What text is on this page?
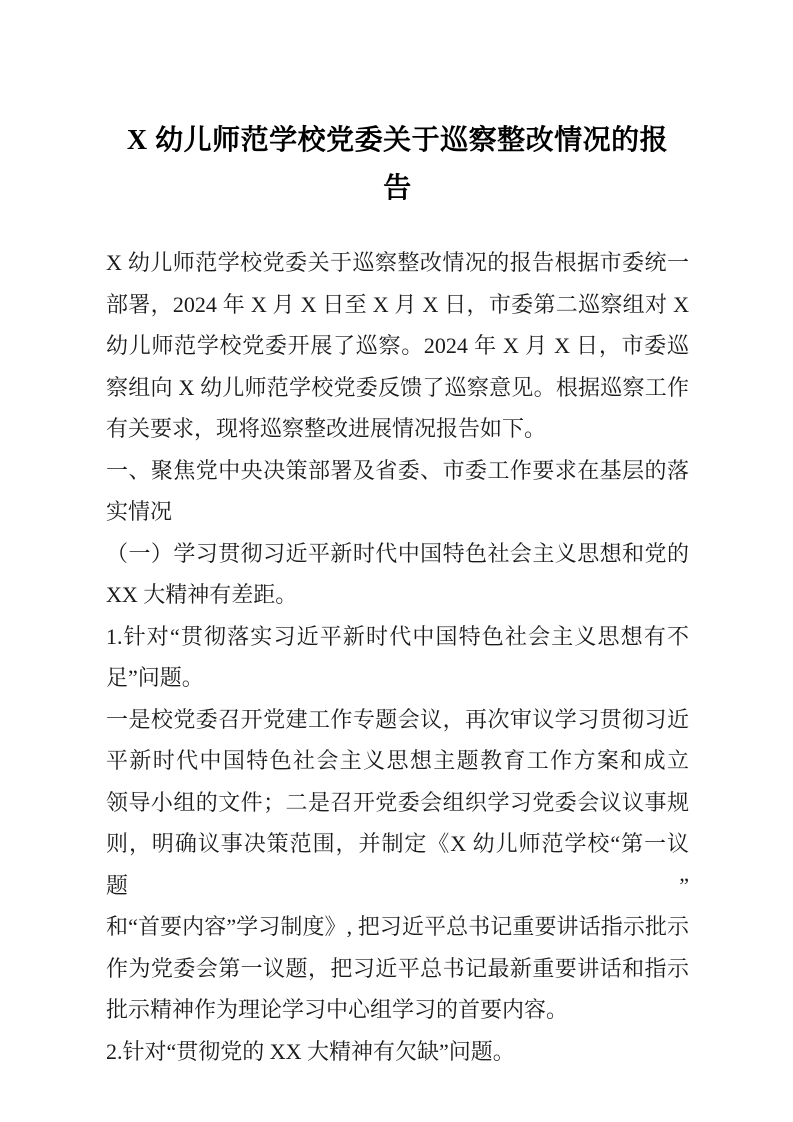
X 幼儿师范学校党委关于巡察整改情况的报
告
X 幼儿师范学校党委关于巡察整改情况的报告根据市委统一
部署，2024 年 X 月 X 日至 X 月 X 日，市委第二巡察组对 X
幼儿师范学校党委开展了巡察。2024 年 X 月 X 日，市委巡
察组向 X 幼儿师范学校党委反馈了巡察意见。根据巡察工作
有关要求，现将巡察整改进展情况报告如下。
一、聚焦党中央决策部署及省委、市委工作要求在基层的落
实情况
（一）学习贯彻习近平新时代中国特色社会主义思想和党的
XX 大精神有差距。
1.针对“贯彻落实习近平新时代中国特色社会主义思想有不
足”问题。
一是校党委召开党建工作专题会议，再次审议学习贯彻习近
平新时代中国特色社会主义思想主题教育工作方案和成立
领导小组的文件；二是召开党委会组织学习党委会议议事规
则，明确议事决策范围，并制定《X 幼儿师范学校“第一议题”
和“首要内容”学习制度》, 把习近平总书记重要讲话指示批示
作为党委会第一议题，把习近平总书记最新重要讲话和指示
批示精神作为理论学习中心组学习的首要内容。
2.针对“贯彻党的 XX 大精神有欠缺”问题。
